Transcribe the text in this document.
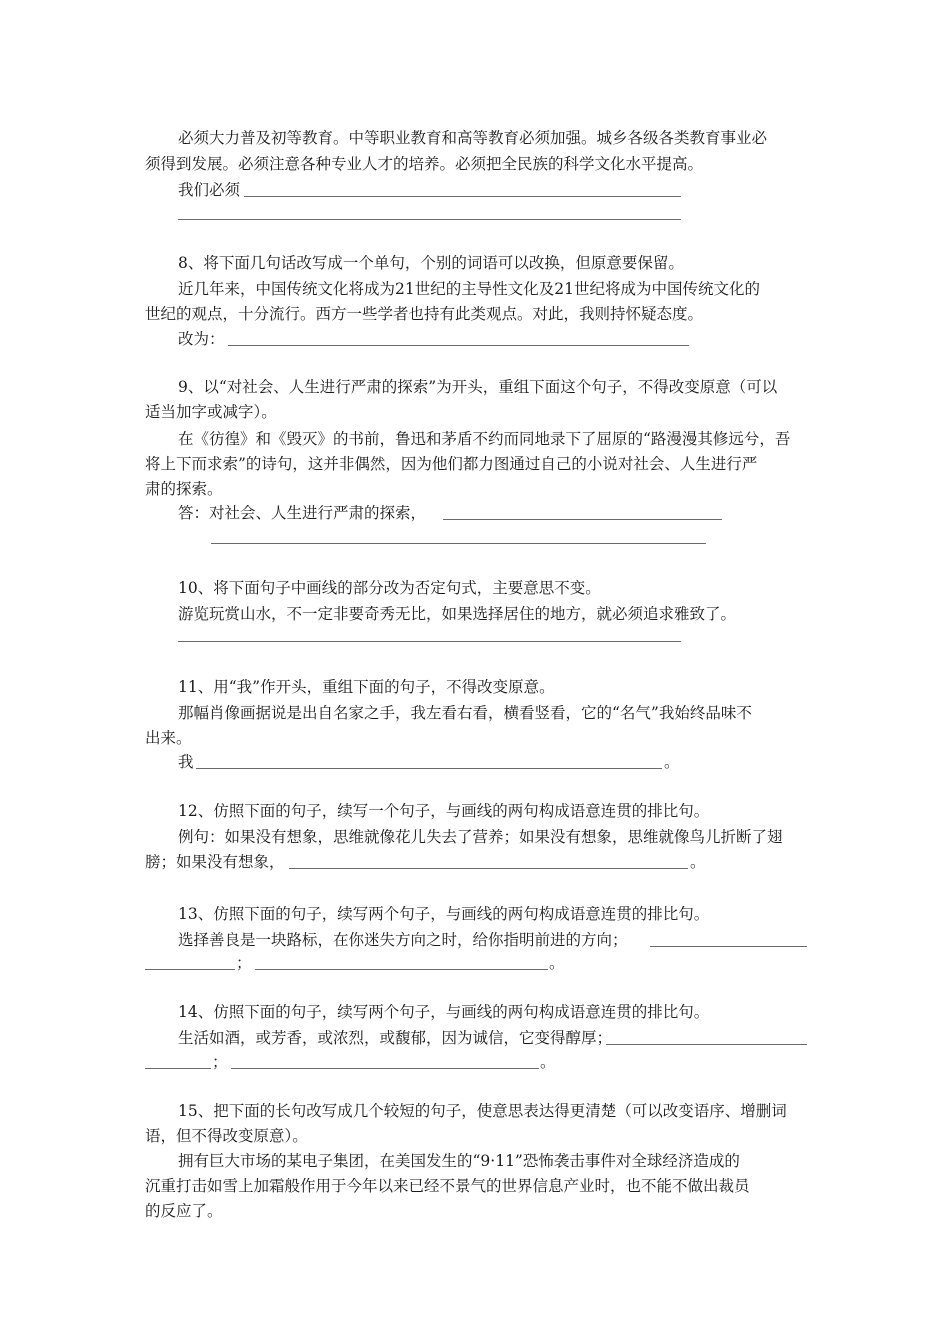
必须大力普及初等教育。中等职业教育和高等教育必须加强。城乡各级各类教育事业必
须得到发展。必须注意各种专业人才的培养。必须把全民族的科学文化水平提高。
我们必须
8、将下面几句话改写成一个单句，个别的词语可以改换，但原意要保留。
近几年来，中国传统文化将成为21世纪的主导性文化及21世纪将成为中国传统文化的
世纪的观点，十分流行。西方一些学者也持有此类观点。对此，我则持怀疑态度。
改为：
9、以“对社会、人生进行严肃的探索”为开头，重组下面这个句子，不得改变原意（可以
适当加字或减字）。
在《彷徨》和《毁灭》的书前，鲁迅和茅盾不约而同地录下了屈原的“路漫漫其修远兮，吾
将上下而求索”的诗句，这并非偶然，因为他们都力图通过自己的小说对社会、人生进行严
肃的探索。
答：对社会、人生进行严肃的探索，
10、将下面句子中画线的部分改为否定句式，主要意思不变。
游览玩赏山水，不一定非要奇秀无比，如果选择居住的地方，就必须追求雅致了。
11、用“我”作开头，重组下面的句子，不得改变原意。
那幅肖像画据说是出自名家之手，我左看右看，横看竖看，它的“名气”我始终品味不
出来。
我	。
12、仿照下面的句子，续写一个句子，与画线的两句构成语意连贯的排比句。
例句：如果没有想象，思维就像花儿失去了营养；如果没有想象，思维就像鸟儿折断了翅
膀；如果没有想象，	。
13、仿照下面的句子，续写两个句子，与画线的两句构成语意连贯的排比句。
选择善良是一块路标，在你迷失方向之时，给你指明前进的方向；
；	。
14、仿照下面的句子，续写两个句子，与画线的两句构成语意连贯的排比句。
生活如酒，或芳香，或浓烈，或馥郁，因为诚信，它变得醇厚；
；	。
15、把下面的长句改写成几个较短的句子，使意思表达得更清楚（可以改变语序、增删词
语，但不得改变原意）。
拥有巨大市场的某电子集团，在美国发生的“9·11”恐怖袭击事件对全球经济造成的
沉重打击如雪上加霜般作用于今年以来已经不景气的世界信息产业时，也不能不做出裁员
的反应了。
